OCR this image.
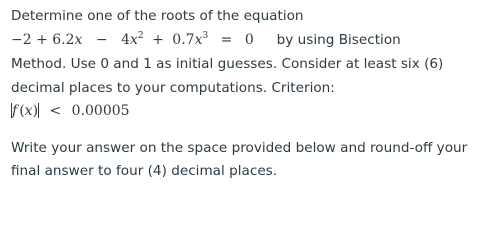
Determine one of the roots of the equation
$-2 + 6.2x - 4x^2 + 0.7x^3 = 0$ by using Bisection
Method. Use 0 and 1 as initial guesses. Consider at least six (6)
decimal places to your computations. Criterion:
f (x) < 0.00005
Write your answer on the space provided below and round-off your
final answer to four (4) decimal places.
